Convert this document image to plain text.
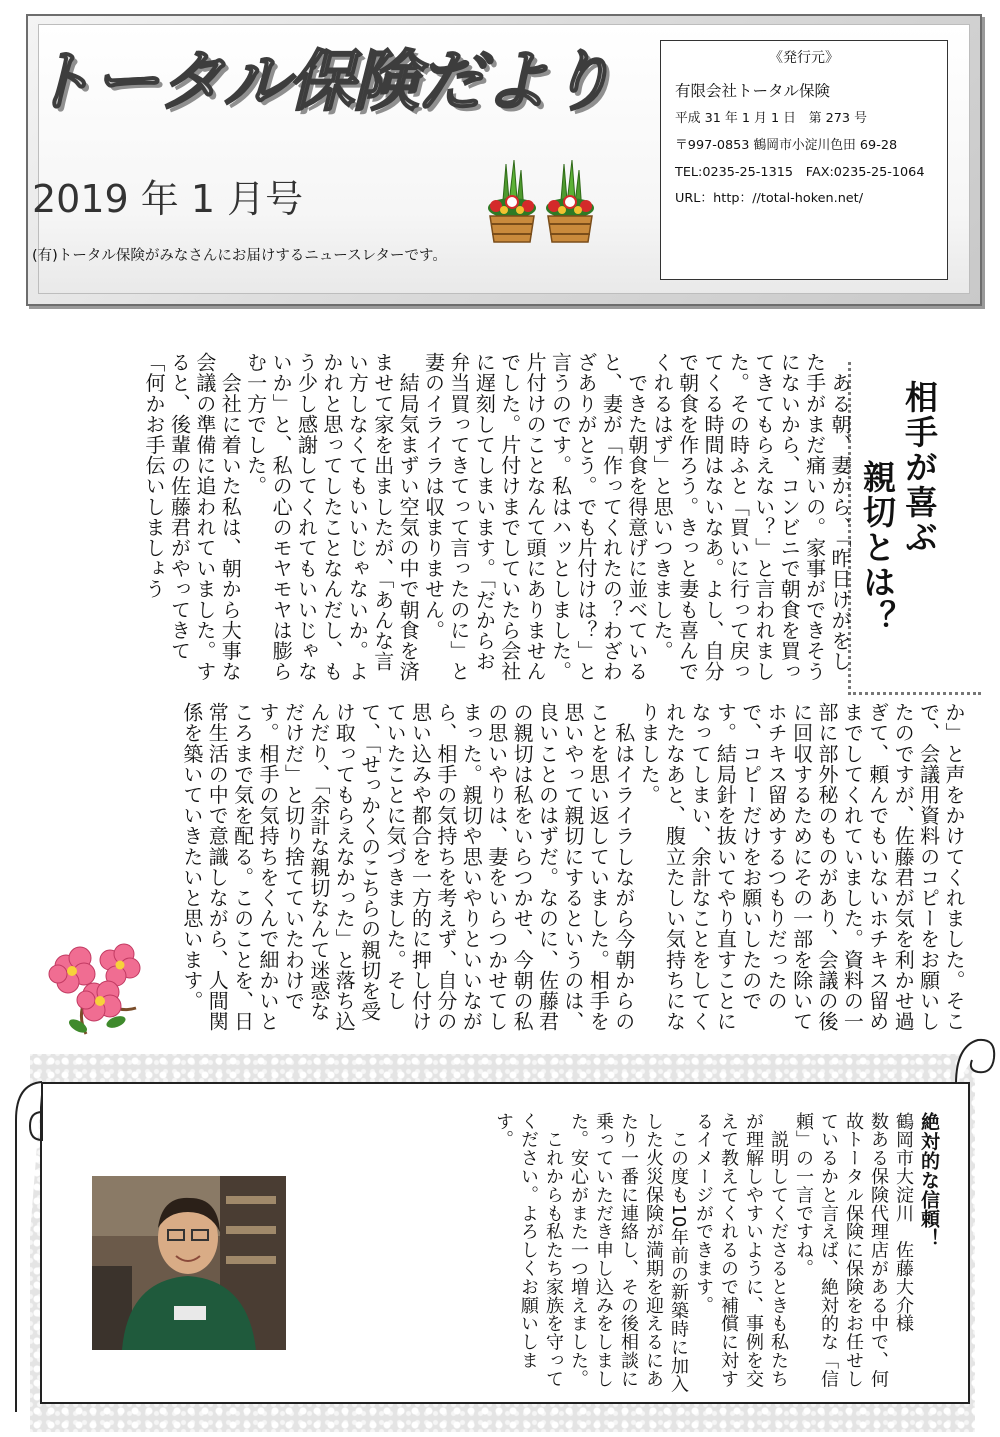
トータル保険だより
2019 年 1 月号
(有)トータル保険がみなさんにお届けするニュースレターです。
《発行元》
有限会社トータル保険
平成 31 年 1 月 1 日　第 273 号
〒997-0853 鶴岡市小淀川色田 69-28
TEL:0235-25-1315　FAX:0235-25-1064
URL：http：//total-hoken.net/
相手が喜ぶ
親切とは？
　ある朝、妻から、「昨日けがをした手がまだ痛いの。家事ができそうにないから、コンビニで朝食を買ってきてもらえない？」と言われました。その時ふと「買いに行って戻ってくる時間はないなあ。よし、自分で朝食を作ろう。きっと妻も喜んでくれるはず」と思いつきました。
　できた朝食を得意げに並べていると、妻が「作ってくれたの？わざわざありがとう。でも片付けは？」と言うのです。私はハッとしました。片付けのことなんて頭にありませんでした。片付けまでしていたら会社に遅刻してしまいます。「だからお弁当買ってきてって言ったのに」と妻のイライラは収まりません。
　結局気まずい空気の中で朝食を済ませて家を出ましたが、「あんな言い方しなくてもいいじゃないか。よかれと思ってしたことなんだし、もう少し感謝してくれてもいいじゃないか」と、私の心のモヤモヤは膨らむ一方でした。
　会社に着いた私は、朝から大事な会議の準備に追われていました。すると、後輩の佐藤君がやってきて「何かお手伝いしましょう
か」と声をかけてくれました。そこで、会議用資料のコピーをお願いしたのですが、佐藤君が気を利かせ過ぎて、頼んでもいないホチキス留めまでしてくれていました。資料の一部に部外秘のものがあり、会議の後に回収するためにその一部を除いてホチキス留めするつもりだったので、コピーだけをお願いしたのです。結局針を抜いてやり直すことになってしまい、余計なことをしてくれたなあと、腹立たしい気持ちになりました。
　私はイライラしながら今朝からのことを思い返していました。相手を思いやって親切にするというのは、良いことのはずだ。なのに、佐藤君の親切は私をいらつかせ、今朝の私の思いやりは、妻をいらつかせてしまった。親切や思いやりといいながら、相手の気持ちを考えず、自分の思い込みや都合を一方的に押し付けていたことに気づきました。そして、「せっかくのこちらの親切を受け取ってもらえなかった」と落ち込んだり、「余計な親切なんて迷惑なだけだ」と切り捨てていたわけです。相手の気持ちをくんで細かいところまで気を配る。このことを、日常生活の中で意識しながら、人間関係を築いていきたいと思います。
絶対的な信頼！
鶴岡市大淀川　佐藤大介様
数ある保険代理店がある中で、何故トータル保険に保険をお任せしているかと言えば、絶対的な「信頼」の一言ですね。
　説明してくださるときも私たちが理解しやすいように、事例を交えて教えてくれるので補償に対するイメージができます。
　この度も10年前の新築時に加入した火災保険が満期を迎えるにあたり一番に連絡し、その後相談に乗っていただき申し込みをしました。安心がまた一つ増えました。
　これからも私たち家族を守ってください。よろしくお願いします。
